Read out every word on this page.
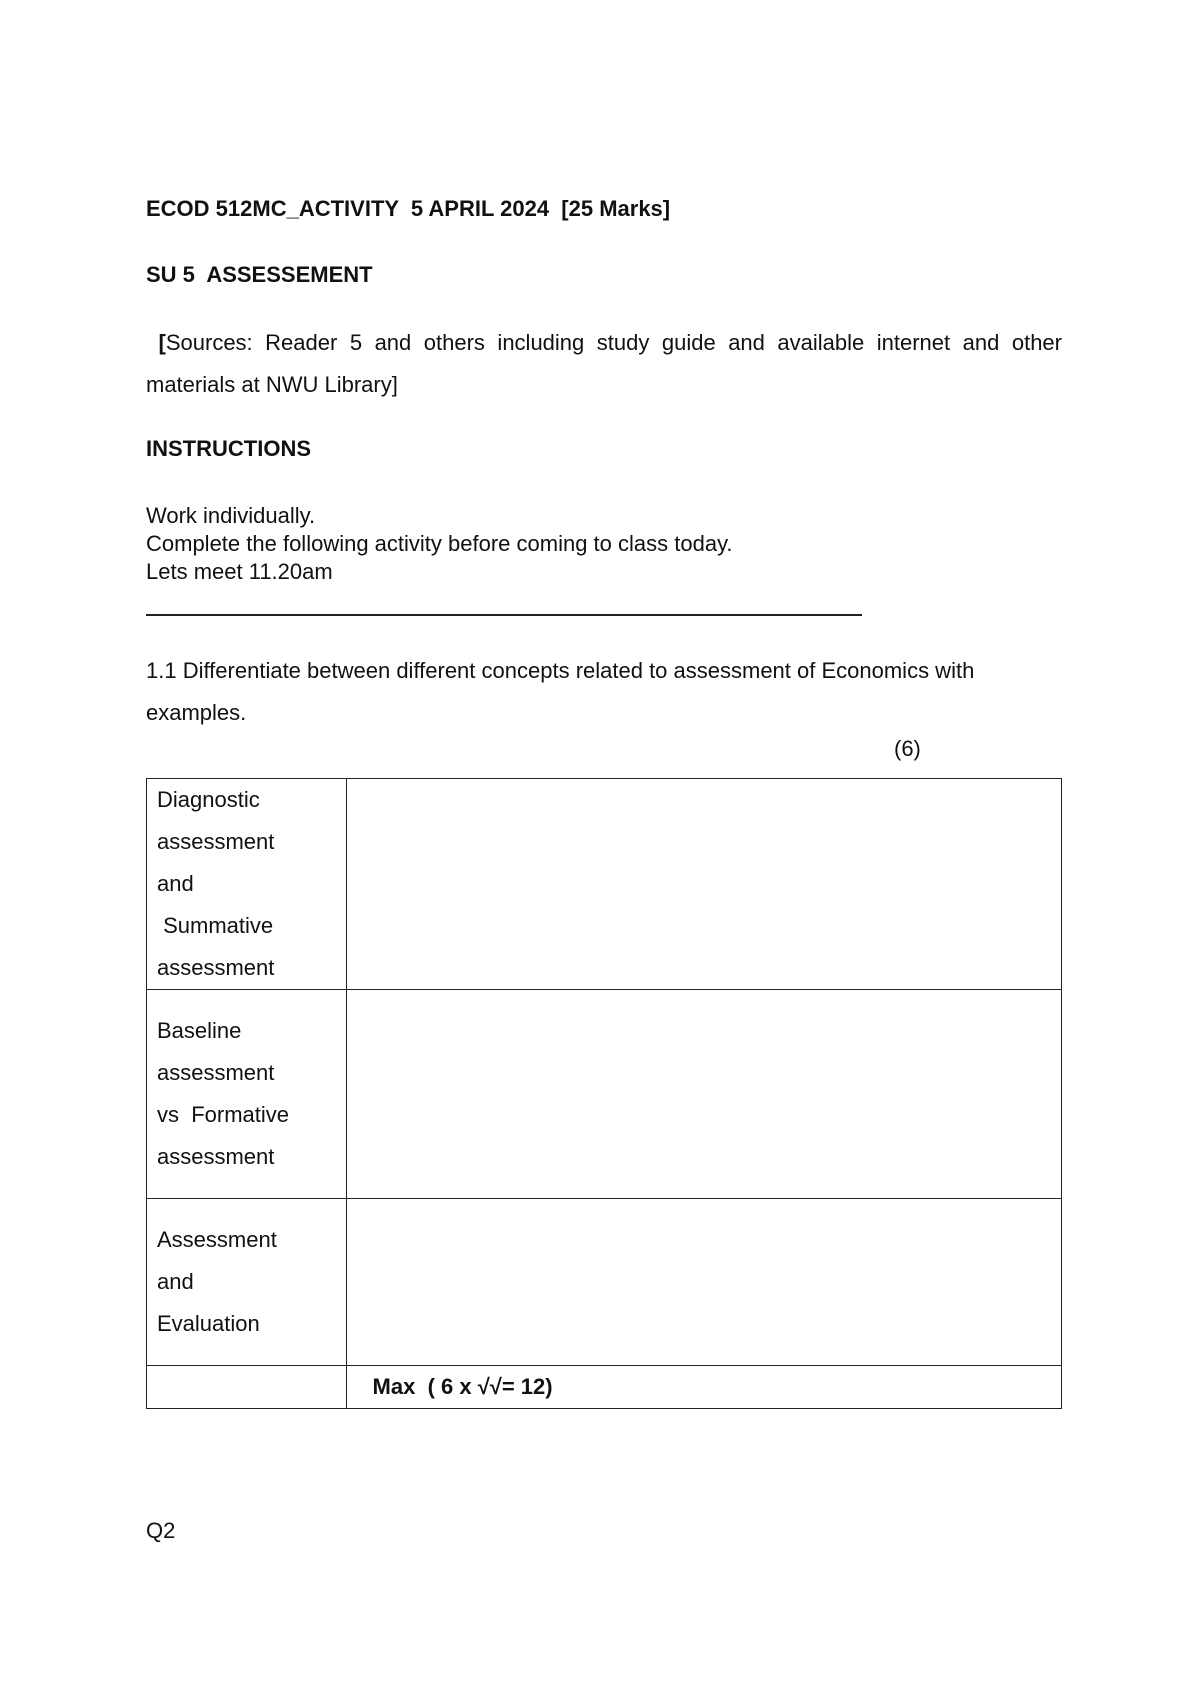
ECOD 512MC_ACTIVITY  5 APRIL 2024  [25 Marks]
SU 5  ASSESSEMENT
[Sources: Reader 5 and others including study guide and available internet and other materials at NWU Library]
INSTRUCTIONS
Work individually.
Complete the following activity before coming to class today.
Lets meet 11.20am
1.1 Differentiate between different concepts related to assessment of Economics with examples.
(6)
Diagnostic
assessment
and
Summative
assessment	

Baseline
assessment
vs  Formative
assessment	

Assessment
and
Evaluation	

	Max  ( 6 x √√= 12)
Q2
